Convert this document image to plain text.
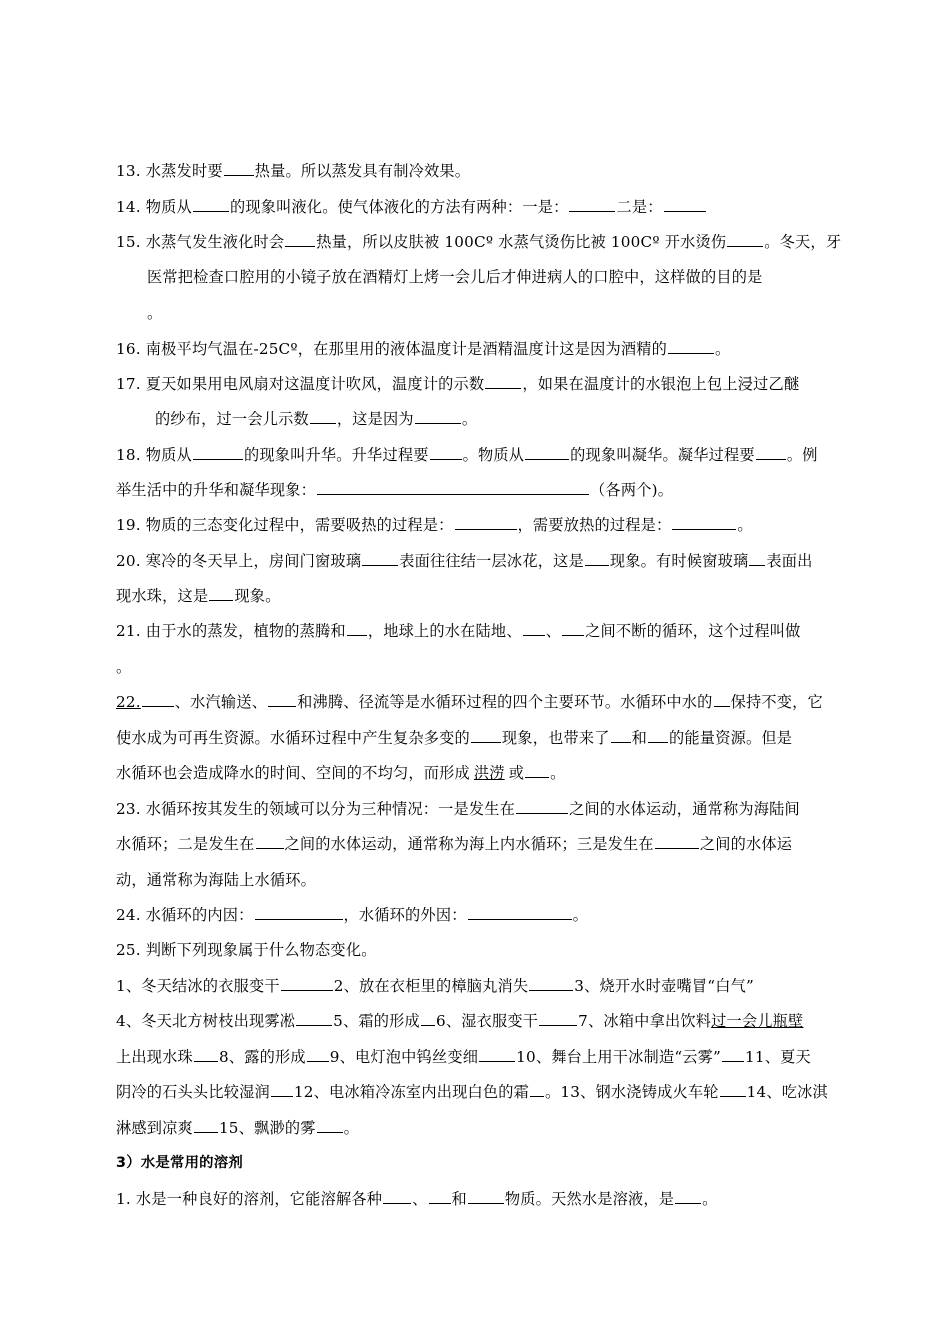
13. 水蒸发时要 热量。所以蒸发具有制冷效果。
14. 物质从	的现象叫液化。使气体液化的方法有两种：一是：	二是：
15. 水蒸气发生液化时会 热量，所以皮肤被 100Cº 水蒸气烫伤比被 100Cº 开水烫伤	。冬天，牙
医常把检查口腔用的小镜子放在酒精灯上烤一会儿后才伸进病人的口腔中，这样做的目的是
。
16. 南极平均气温在-25Cº，在那里用的液体温度计是酒精温度计这是因为酒精的	。
17. 夏天如果用电风扇对这温度计吹风，温度计的示数	，如果在温度计的水银泡上包上浸过乙醚
的纱布，过一会儿示数 ，这是因为	。
18. 物质从	的现象叫升华。升华过程要 。物质从	的现象叫凝华。凝华过程要 。例
举生活中的升华和凝华现象：	（各两个)。
19. 物质的三态变化过程中，需要吸热的过程是：	，需要放热的过程是：	。
20. 寒冷的冬天早上，房间门窗玻璃	表面往往结一层冰花，这是 现象。有时候窗玻璃 表面出
现水珠，这是 现象。
21. 由于水的蒸发，植物的蒸腾和 ，地球上的水在陆地、 、 之间不断的循环，这个过程叫做
。
22. 、水汽输送、 和沸腾、径流等是水循环过程的四个主要环节。水循环中水的 保持不变，它
使水成为可再生资源。水循环过程中产生复杂多变的 现象，也带来了 和 的能量资源。但是
水循环也会造成降水的时间、空间的不均匀，而形成 洪涝 或 。
23. 水循环按其发生的领域可以分为三种情况：一是发生在	之间的水体运动，通常称为海陆间
水循环；二是发生在 之间的水体运动，通常称为海上内水循环；三是发生在	之间的水体运
动，通常称为海陆上水循环。
24. 水循环的内因：	，水循环的外因：	。
25. 判断下列现象属于什么物态变化。
1、冬天结冰的衣服变干	2、放在衣柜里的樟脑丸消失	3、烧开水时壶嘴冒“白气”
4、冬天北方树枝出现雾凇	5、霜的形成 6、湿衣服变干	7、冰箱中拿出饮料过一会儿瓶壁
上出现水珠 8、露的形成 9、电灯泡中钨丝变细	10、舞台上用干冰制造“云雾” 11、夏天
阴冷的石头头比较湿润 12、电冰箱冷冻室内出现白色的霜 。13、钢水浇铸成火车轮 14、吃冰淇
淋感到凉爽 15、飘渺的雾 。
3）水是常用的溶剂
1. 水是一种良好的溶剂，它能溶解各种 、 和	物质。天然水是溶液，是 。
